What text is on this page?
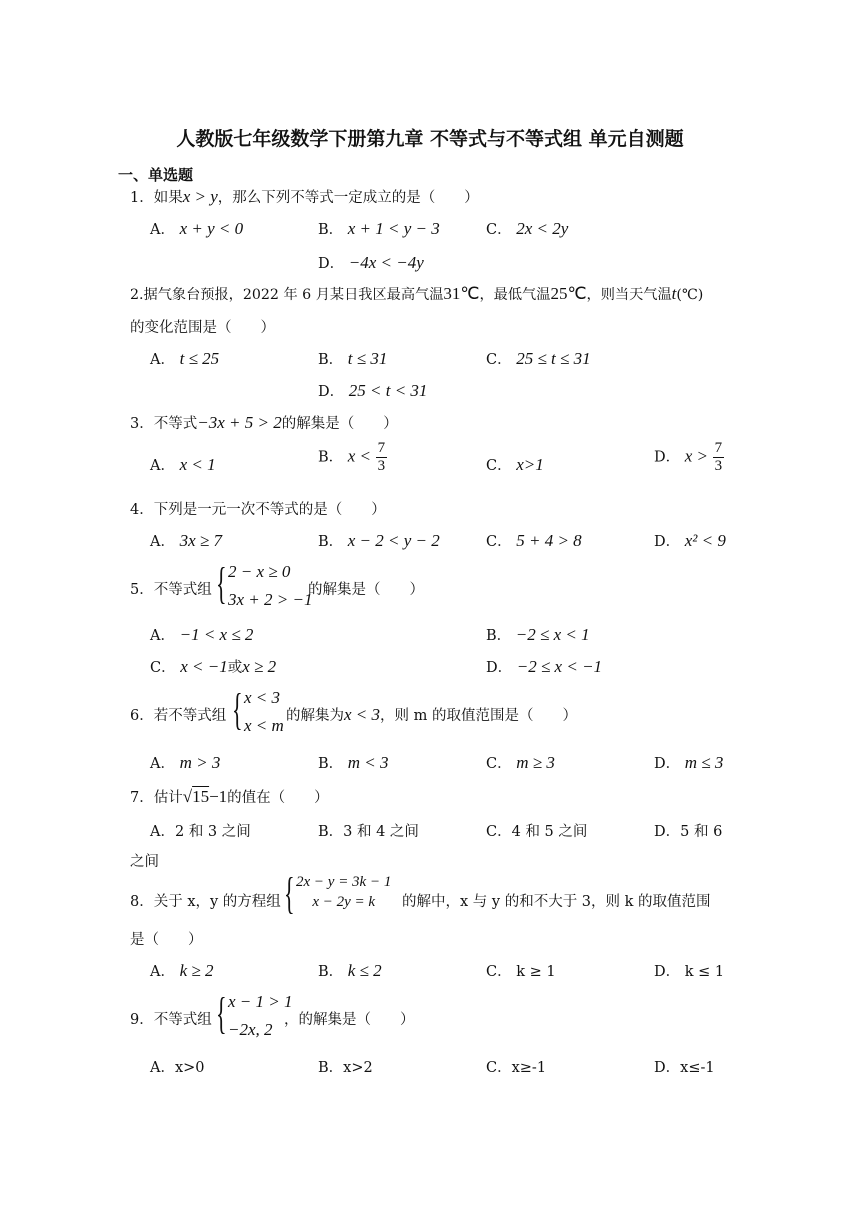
人教版七年级数学下册第九章 不等式与不等式组 单元自测题
一、单选题
1．如果x > y，那么下列不等式一定成立的是（　　）
A． x + y < 0	B． x + 1 < y − 3	C． 2x < 2y
D． −4x < −4y
2.据气象台预报，2022 年 6 月某日我区最高气温31℃，最低气温25℃，则当天气温t(℃)
的变化范围是（　　）
A． t ≤ 25	B． t ≤ 31	C． 25 ≤ t ≤ 31
D． 25 < t < 31
3．不等式−3x + 5 > 2的解集是（　　）
A． x < 1	B． $x < \frac{7}{3}$	C． x>1	D． $x > \frac{7}{3}$
4．下列是一元一次不等式的是（　　）
A． 3x ≥ 7	B． x − 2 < y − 2	C． 5 + 4 > 8	D． x² < 9
5．不等式组 { 2 − x ≥ 0
3x + 2 > −1
的解集是（　　）
A． −1 < x ≤ 2	B． −2 ≤ x < 1
C． x < −1或x ≥ 2	D． −2 ≤ x < −1
6．若不等式组 { x < 3
x < m 的解集为x < 3，则 m 的取值范围是（　　）
A． m > 3	B． m < 3	C． m ≥ 3	D． m ≤ 3
7．估计√15−1的值在（　　）
A．2 和 3 之间	B．3 和 4 之间	C．4 和 5 之间	D．5 和 6
之间
8．关于 x，y 的方程组 { 2x − y = 3k − 1
x − 2y = k	的解中，x 与 y 的和不大于 3，则 k 的取值范围
是（　　）
A． k ≥ 2	B． k ≤ 2	C． k ≥ 1	D． k ≤ 1
9．不等式组 { x − 1 > 1
−2x, 2 ，的解集是（　　）
A．x>0	B．x>2	C．x≥-1	D．x≤-1
